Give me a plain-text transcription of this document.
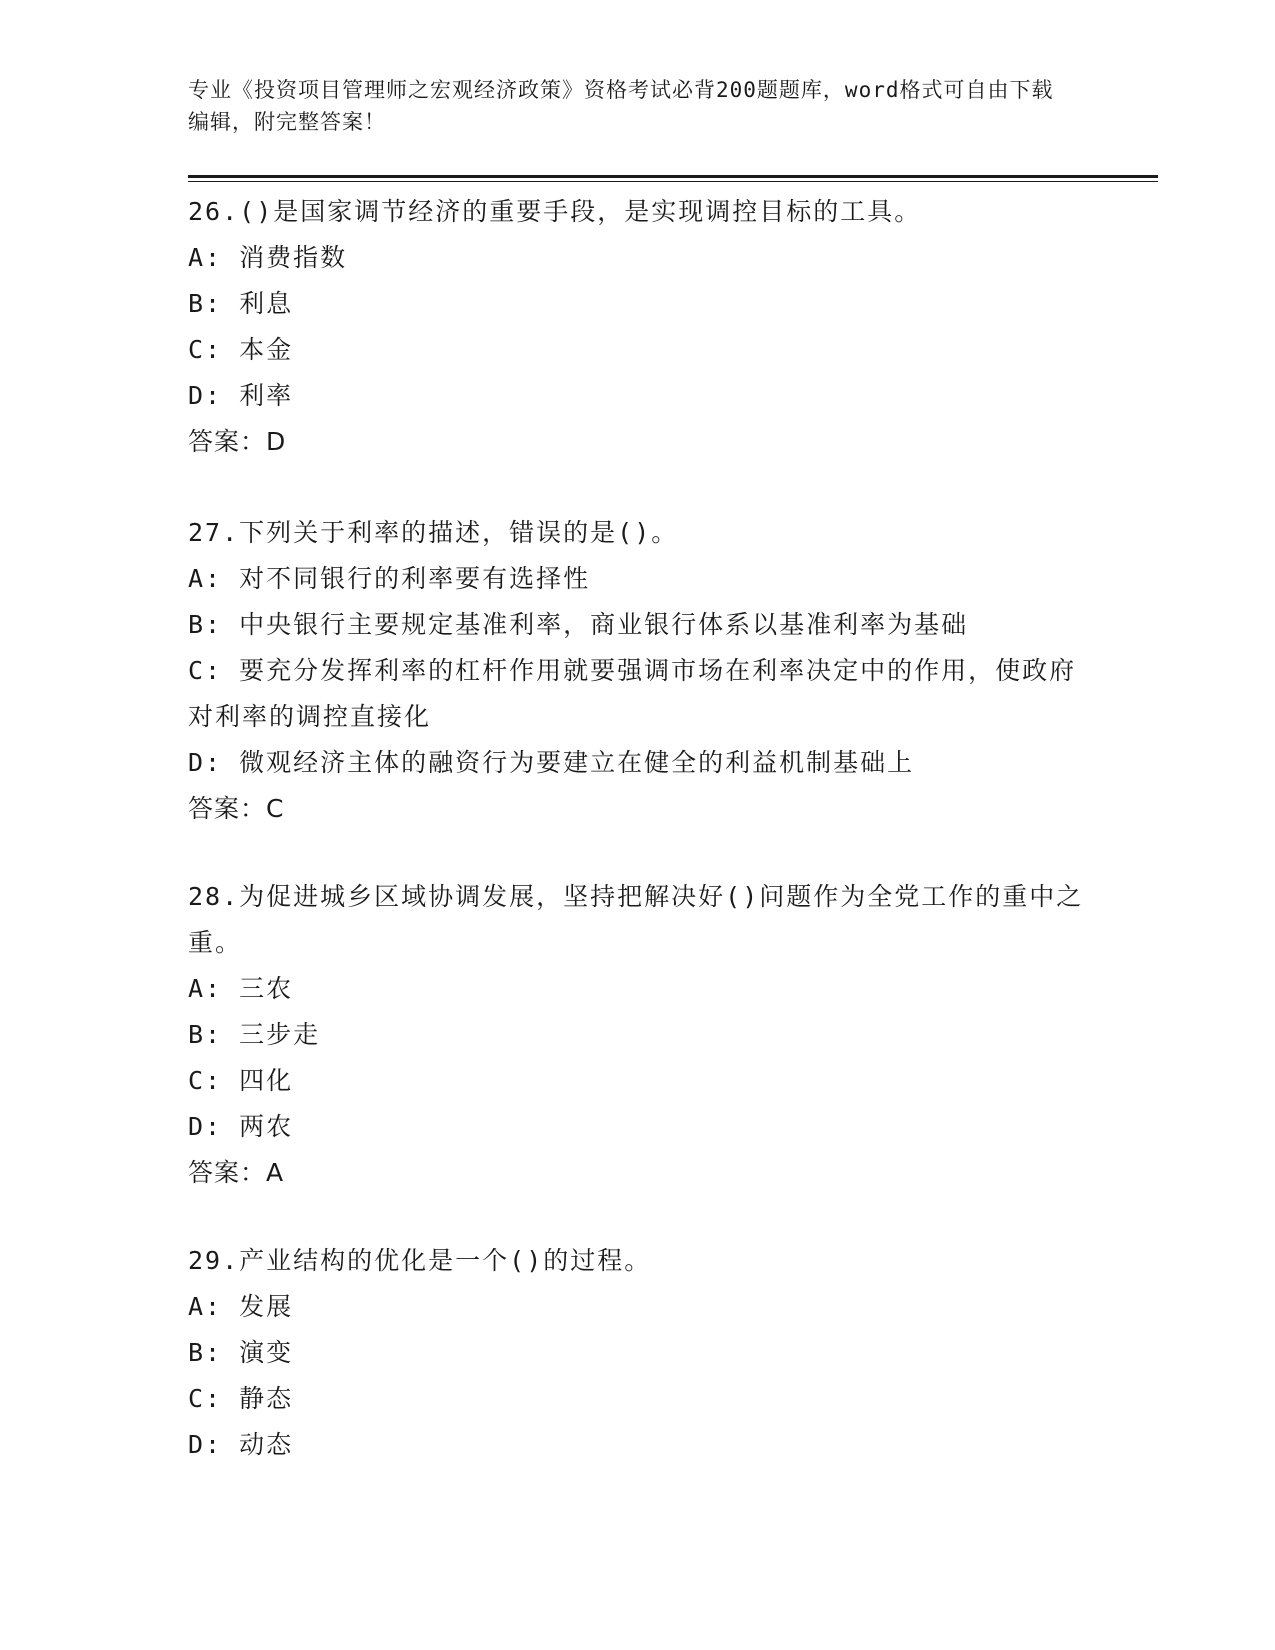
专业《投资项目管理师之宏观经济政策》资格考试必背200题题库，word格式可自由下载编辑，附完整答案！

26.()是国家调节经济的重要手段，是实现调控目标的工具。

A: 消费指数

B: 利息

C: 本金

D: 利率

答案：D

27.下列关于利率的描述，错误的是()。

A: 对不同银行的利率要有选择性

B: 中央银行主要规定基准利率，商业银行体系以基准利率为基础

C: 要充分发挥利率的杠杆作用就要强调市场在利率决定中的作用，使政府对利率的调控直接化

D: 微观经济主体的融资行为要建立在健全的利益机制基础上

答案：C

28.为促进城乡区域协调发展，坚持把解决好()问题作为全党工作的重中之重。

A: 三农

B: 三步走

C: 四化

D: 两农

答案：A

29.产业结构的优化是一个()的过程。

A: 发展

B: 演变

C: 静态

D: 动态
